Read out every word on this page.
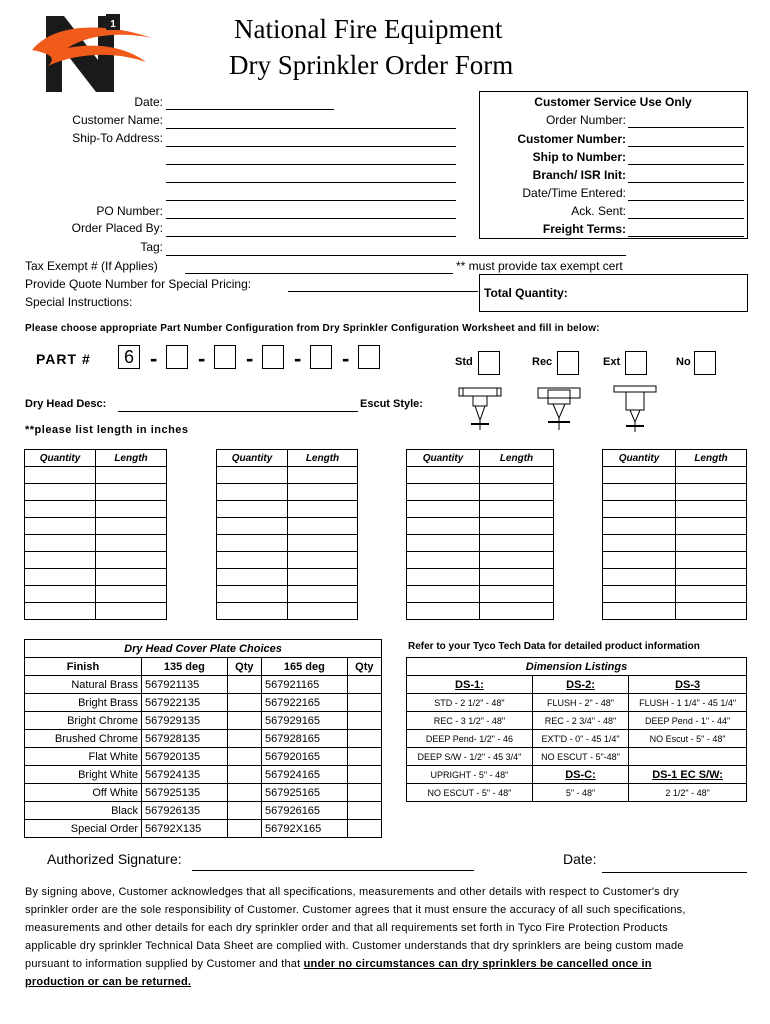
1	National Fire Equipment
Dry Sprinkler Order Form
Date:
Customer Name:
Ship-To Address:
PO Number:
Order Placed By:
Tag:
Tax Exempt # (If Applies)	** must provide tax exempt cert
Provide Quote Number for Special Pricing:
Special Instructions:
Customer Service Use Only
Order Number:
Customer Number:
Ship to Number:
Branch/ ISR Init:
Date/Time Entered:
Ack. Sent:
Freight Terms:
Total Quantity:
Please choose appropriate Part Number Configuration from Dry Sprinkler Configuration Worksheet and fill in below:
PART #	6 - - - - -	Std	Rec	Ext	No
Dry Head Desc:	Escut Style:
**please list length in inches
Quantity	Length

		Quantity	Length

		Quantity	Length

		Quantity	Length

Dry Head Cover Plate Choices				
Finish	135 deg	Qty	165 deg	Qty
Natural Brass	567921135		567921165	
Bright Brass	567922135		567922165	
Bright Chrome	567929135		567929165	
Brushed Chrome	567928135		567928165	
Flat White	567920135		567920165	
Bright White	567924135		567924165	
Off White	567925135		567925165	
Black	567926135		567926165	
Special Order	56792X135		56792X165	
Refer to your Tyco Tech Data for detailed product information
Dimension Listings		
DS-1:	DS-2:	DS-3
STD - 2 1/2" - 48"	FLUSH - 2" - 48"	FLUSH - 1 1/4" - 45 1/4"
REC - 3 1/2" - 48"	REC - 2 3/4" - 48"	DEEP Pend - 1" - 44"
DEEP Pend- 1/2" - 46	EXT'D - 0" - 45 1/4"	NO Escut - 5" - 48"
DEEP S/W - 1/2" - 45 3/4"	NO ESCUT - 5"-48"	
UPRIGHT - 5" - 48"	DS-C:	DS-1 EC S/W:
NO ESCUT - 5" - 48"	5" - 48"	2 1/2" - 48"
Authorized Signature:	Date:
By signing above, Customer acknowledges that all specifications, measurements and other details with respect to Customer's dry
sprinkler order are the sole responsibility of Customer. Customer agrees that it must ensure the accuracy of all such specifications,
measurements and other details for each dry sprinkler order and that all requirements set forth in Tyco Fire Protection Products
applicable dry sprinkler Technical Data Sheet are complied with. Customer understands that dry sprinklers are being custom made
pursuant to information supplied by Customer and that under no circumstances can dry sprinklers be cancelled once in
production or can be returned.
